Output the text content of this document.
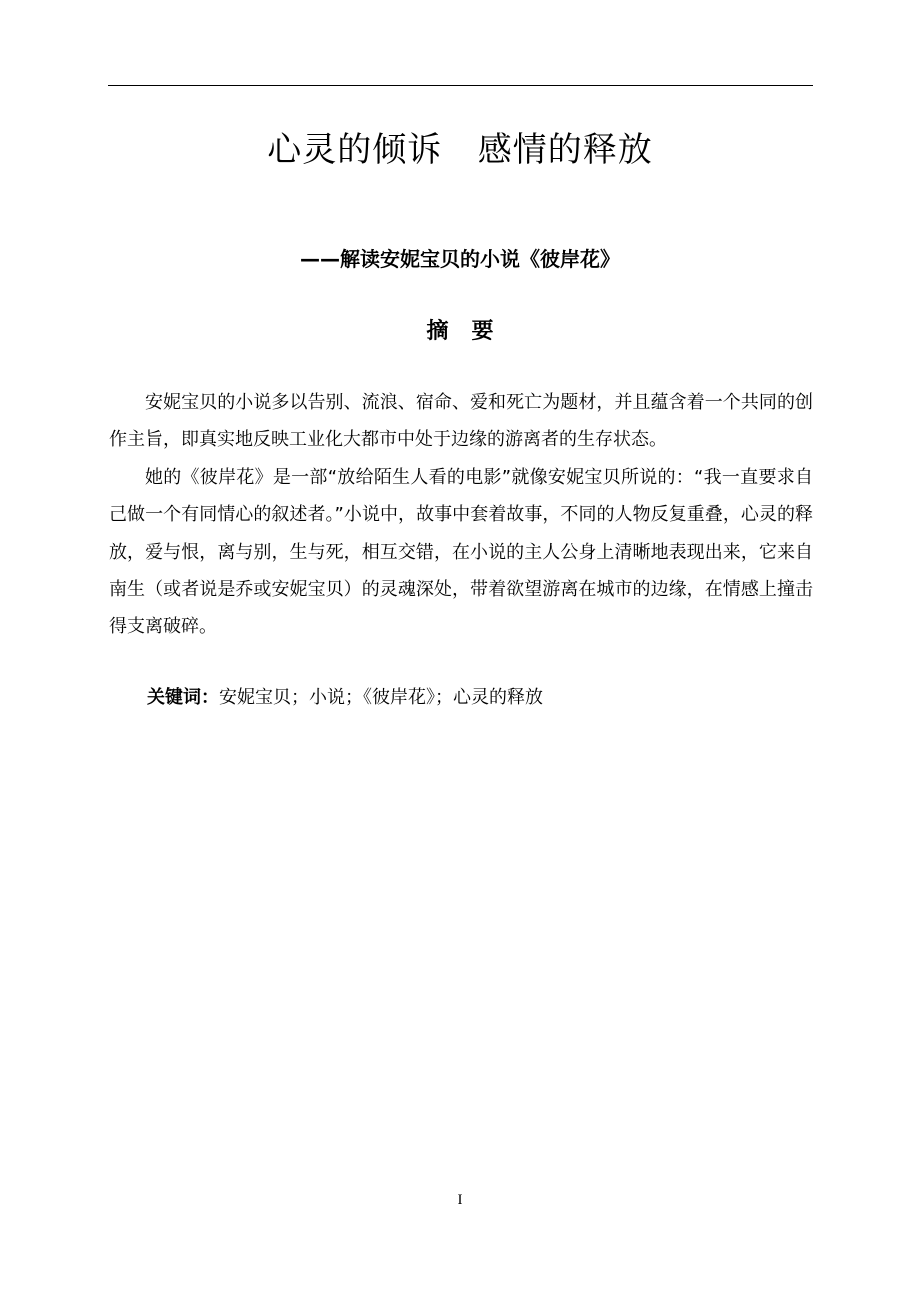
心灵的倾诉   感情的释放
——解读安妮宝贝的小说《彼岸花》
摘   要

安妮宝贝的小说多以告别、流浪、宿命、爱和死亡为题材，并且蕴含着一个共同的创作主旨，即真实地反映工业化大都市中处于边缘的游离者的生存状态。

她的《彼岸花》是一部“放给陌生人看的电影”就像安妮宝贝所说的：“我一直要求自己做一个有同情心的叙述者。”小说中，故事中套着故事，不同的人物反复重叠，心灵的释放，爱与恨，离与别，生与死，相互交错，在小说的主人公身上清晰地表现出来，它来自南生（或者说是乔或安妮宝贝）的灵魂深处，带着欲望游离在城市的边缘，在情感上撞击得支离破碎。

关键词：安妮宝贝；小说；《彼岸花》；心灵的释放
I
